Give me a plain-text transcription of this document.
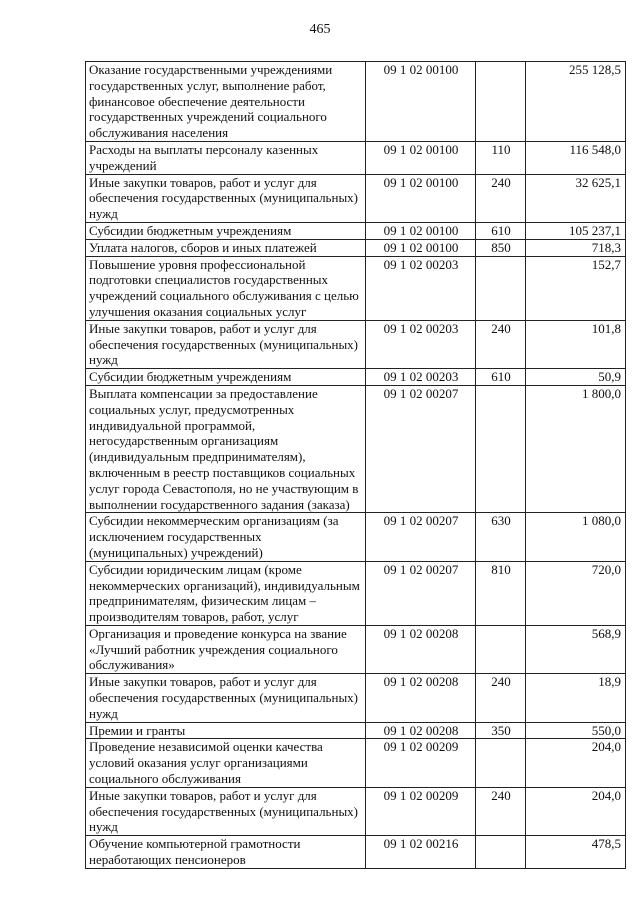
465
Оказание государственными учреждениями государственных услуг, выполнение работ, финансовое обеспечение деятельности государственных учреждений социального обслуживания населения	09 1 02 00100		255 128,5
Расходы на выплаты персоналу казенных учреждений	09 1 02 00100	110	116 548,0
Иные закупки товаров, работ и услуг для обеспечения государственных (муниципальных) нужд	09 1 02 00100	240	32 625,1
Субсидии бюджетным учреждениям	09 1 02 00100	610	105 237,1
Уплата налогов, сборов и иных платежей	09 1 02 00100	850	718,3
Повышение уровня профессиональной подготовки специалистов государственных учреждений социального обслуживания с целью улучшения оказания социальных услуг	09 1 02 00203		152,7
Иные закупки товаров, работ и услуг для обеспечения государственных (муниципальных) нужд	09 1 02 00203	240	101,8
Субсидии бюджетным учреждениям	09 1 02 00203	610	50,9
Выплата компенсации за предоставление социальных услуг, предусмотренных индивидуальной программой, негосударственным организациям (индивидуальным предпринимателям), включенным в реестр поставщиков социальных услуг города Севастополя, но не участвующим в выполнении государственного задания (заказа)	09 1 02 00207		1 800,0
Субсидии некоммерческим организациям (за исключением государственных (муниципальных) учреждений)	09 1 02 00207	630	1 080,0
Субсидии юридическим лицам (кроме некоммерческих организаций), индивидуальным предпринимателям, физическим лицам – производителям товаров, работ, услуг	09 1 02 00207	810	720,0
Организация и проведение конкурса на звание «Лучший работник учреждения социального обслуживания»	09 1 02 00208		568,9
Иные закупки товаров, работ и услуг для обеспечения государственных (муниципальных) нужд	09 1 02 00208	240	18,9
Премии и гранты	09 1 02 00208	350	550,0
Проведение независимой оценки качества условий оказания услуг организациями социального обслуживания	09 1 02 00209		204,0
Иные закупки товаров, работ и услуг для обеспечения государственных (муниципальных) нужд	09 1 02 00209	240	204,0
Обучение компьютерной грамотности неработающих пенсионеров	09 1 02 00216		478,5
